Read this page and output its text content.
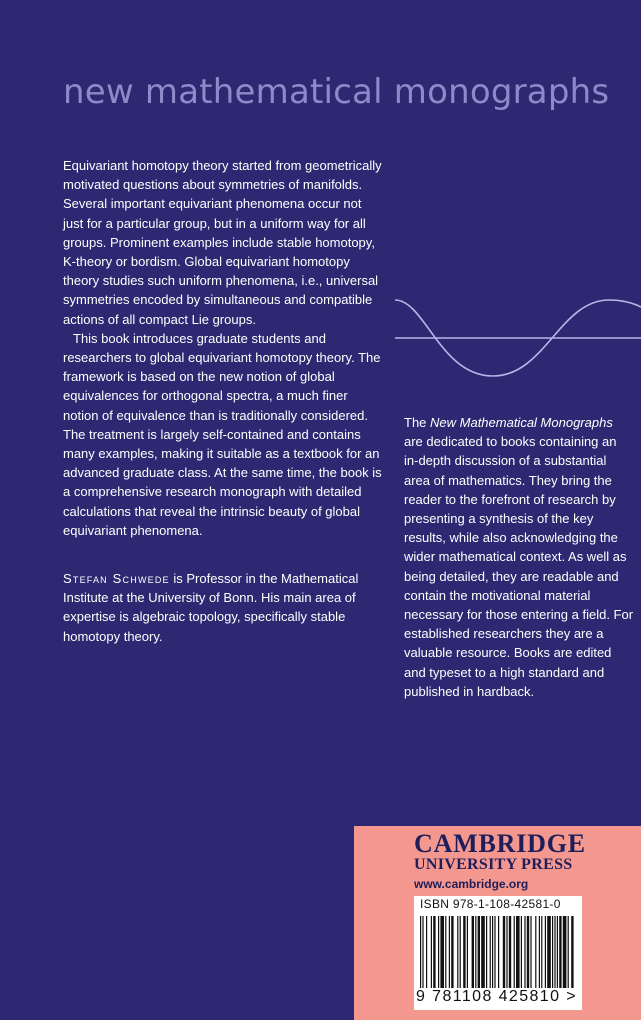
new mathematical monographs

Equivariant homotopy theory started from geometrically motivated questions about symmetries of manifolds. Several important equivariant phenomena occur not just for a particular group, but in a uniform way for all groups. Prominent examples include stable homotopy, K-theory or bordism. Global equivariant homotopy theory studies such uniform phenomena, i.e., universal symmetries encoded by simultaneous and compatible actions of all compact Lie groups.

This book introduces graduate students and researchers to global equivariant homotopy theory. The framework is based on the new notion of global equivalences for orthogonal spectra, a much finer notion of equivalence than is traditionally considered. The treatment is largely self-contained and contains many examples, making it suitable as a textbook for an advanced graduate class. At the same time, the book is a comprehensive research monograph with detailed calculations that reveal the intrinsic beauty of global equivariant phenomena.

Stefan Schwede is Professor in the Mathematical Institute at the University of Bonn. His main area of expertise is algebraic topology, specifically stable homotopy theory.
The New Mathematical Monographs are dedicated to books containing an in-depth discussion of a substantial area of mathematics. They bring the reader to the forefront of research by presenting a synthesis of the key results, while also acknowledging the wider mathematical context. As well as being detailed, they are readable and contain the motivational material necessary for those entering a field. For established researchers they are a valuable resource. Books are edited and typeset to a high standard and published in hardback.
CAMBRIDGE
UNIVERSITY PRESS
www.cambridge.org
ISBN 978-1-108-42581-0
9 781108 425810 >
